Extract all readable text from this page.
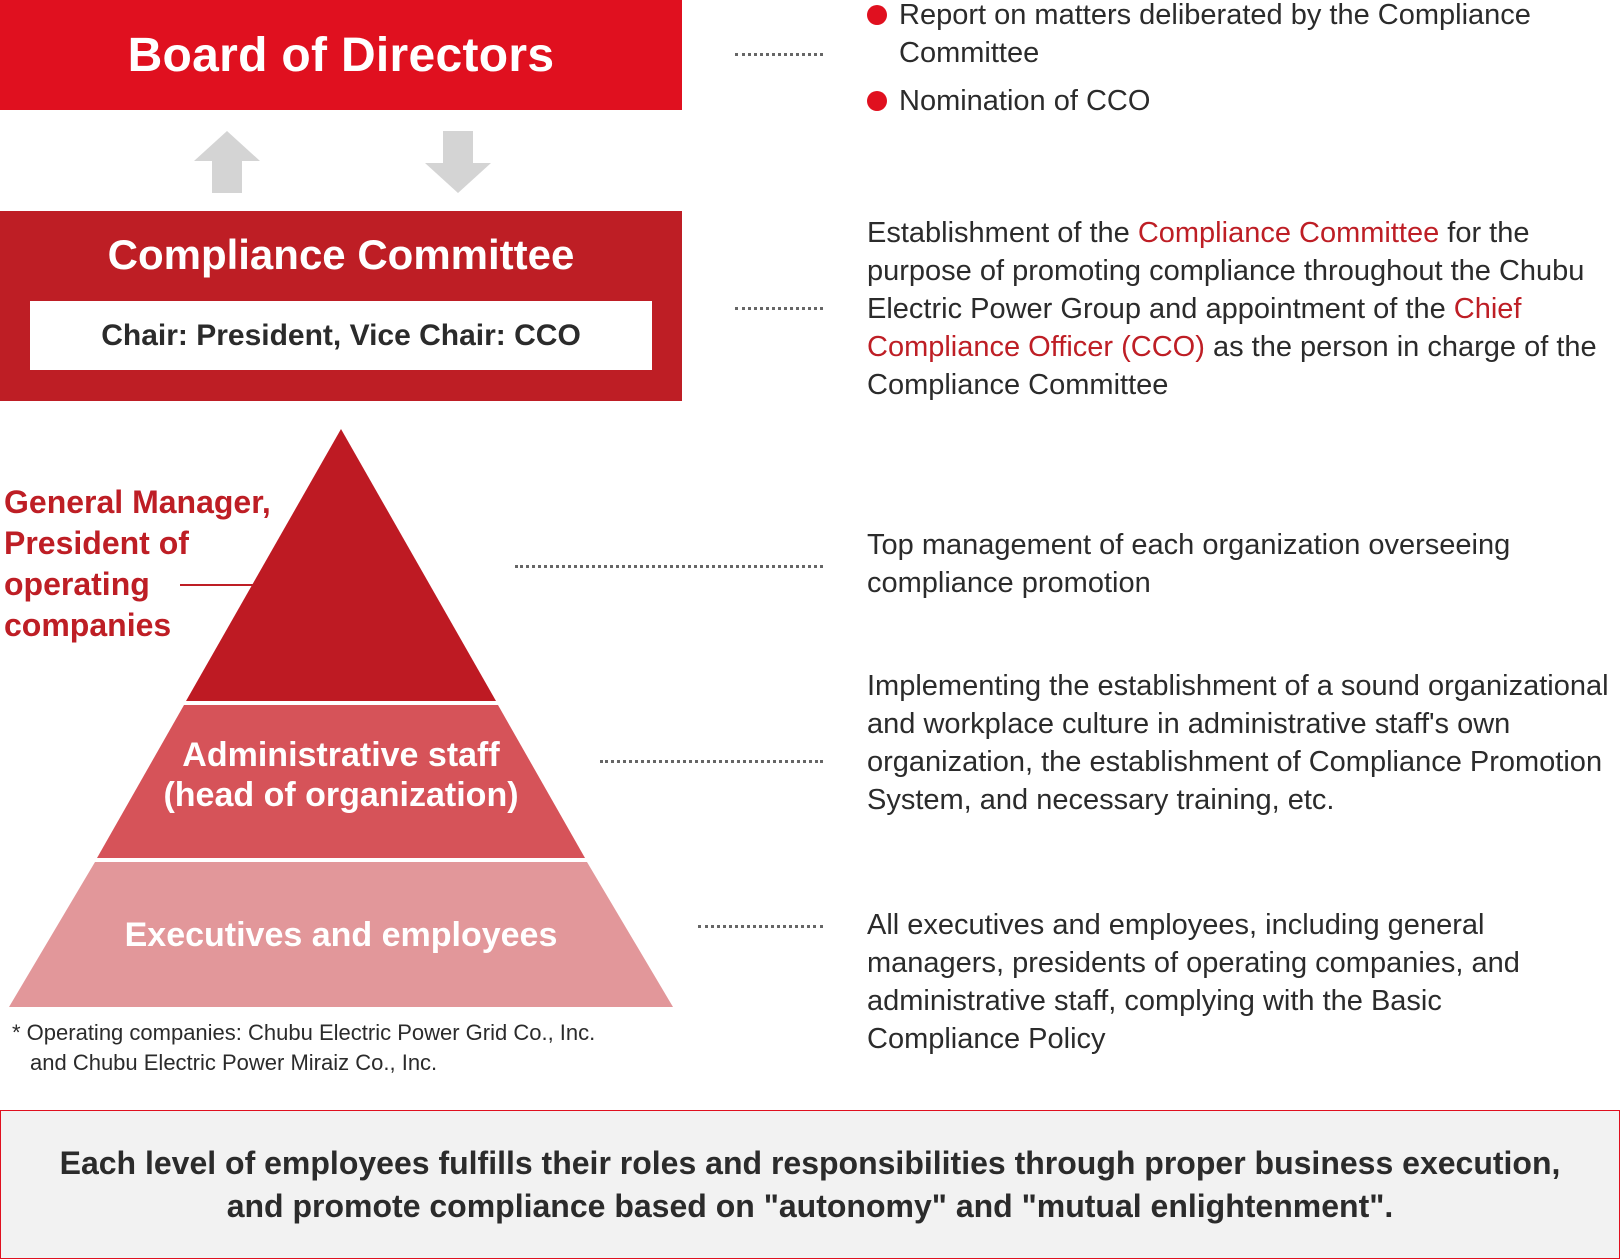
Board of Directors
Compliance Committee
Chair: President, Vice Chair: CCO
Report on matters deliberated by the Compliance Committee
Nomination of CCO
Establishment of the Compliance Committee for the purpose of promoting compliance throughout the Chubu Electric Power Group and appointment of the Chief Compliance Officer (CCO) as the person in charge of the Compliance Committee
Administrative staff
(head of organization)
Executives and employees
General Manager, President of operating companies
Top management of each organization overseeing compliance promotion
Implementing the establishment of a sound organizational and workplace culture in administrative staff's own organization, the establishment of Compliance Promotion System, and necessary training, etc.
All executives and employees, including general managers, presidents of operating companies, and administrative staff, complying with the Basic Compliance Policy
* Operating companies: Chubu Electric Power Grid Co., Inc.
and Chubu Electric Power Miraiz Co., Inc.
Each level of employees fulfills their roles and responsibilities through proper business execution,
and promote compliance based on "autonomy" and "mutual enlightenment".
